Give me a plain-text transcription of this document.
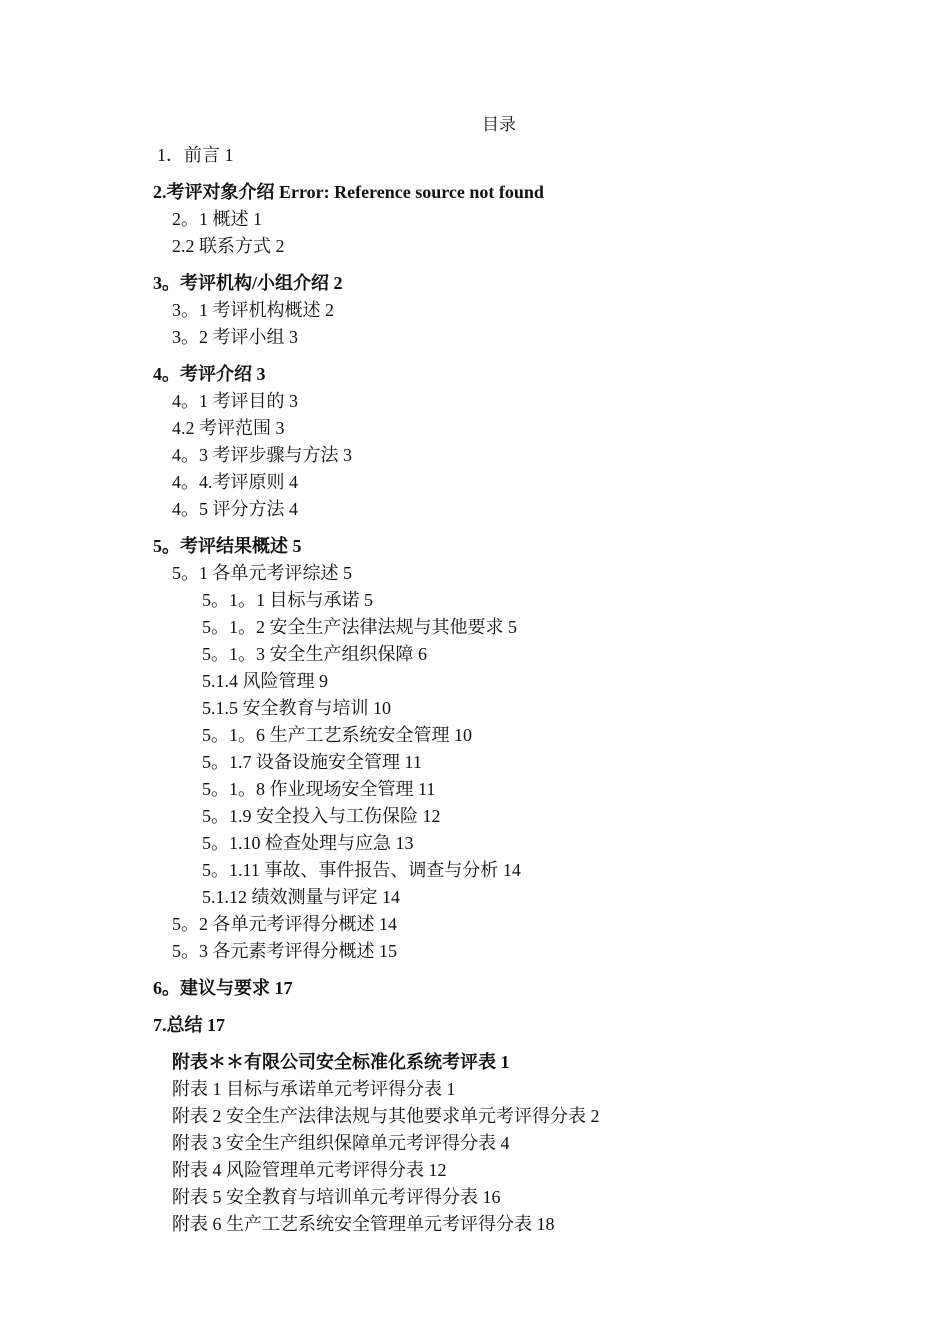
目录
1．前言 1
2.考评对象介绍 Error: Reference source not found
2。1 概述 1
2.2 联系方式 2
3。考评机构/小组介绍 2
3。1 考评机构概述 2
3。2 考评小组 3
4。考评介绍 3
4。1 考评目的 3
4.2 考评范围 3
4。3 考评步骤与方法 3
4。4.考评原则 4
4。5 评分方法 4
5。考评结果概述 5
5。1 各单元考评综述 5
5。1。1 目标与承诺 5
5。1。2 安全生产法律法规与其他要求 5
5。1。3 安全生产组织保障 6
5.1.4 风险管理 9
5.1.5 安全教育与培训 10
5。1。6 生产工艺系统安全管理 10
5。1.7 设备设施安全管理 11
5。1。8 作业现场安全管理 11
5。1.9 安全投入与工伤保险 12
5。1.10 检查处理与应急 13
5。1.11 事故、事件报告、调查与分析 14
5.1.12 绩效测量与评定 14
5。2 各单元考评得分概述 14
5。3 各元素考评得分概述 15
6。建议与要求 17
7.总结 17
附表＊＊有限公司安全标准化系统考评表 1
附表 1 目标与承诺单元考评得分表 1
附表 2 安全生产法律法规与其他要求单元考评得分表 2
附表 3 安全生产组织保障单元考评得分表 4
附表 4 风险管理单元考评得分表 12
附表 5 安全教育与培训单元考评得分表 16
附表 6 生产工艺系统安全管理单元考评得分表 18
